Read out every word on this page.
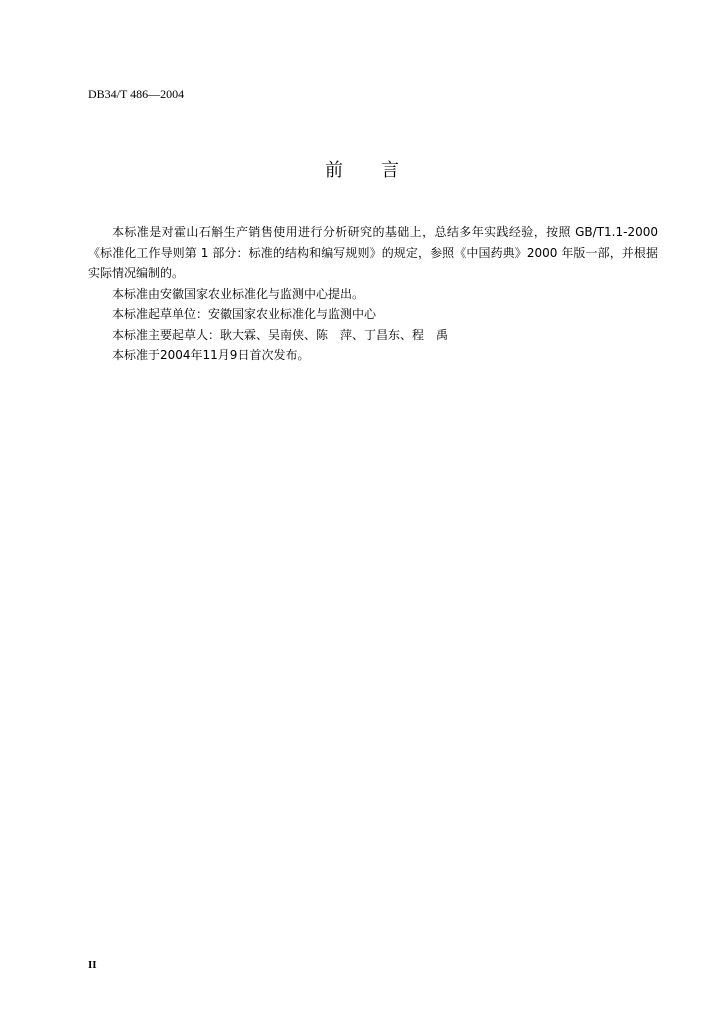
DB34/T 486—2004
前 言

本标准是对霍山石斛生产销售使用进行分析研究的基础上，总结多年实践经验，按照 GB/T1.1-2000《标准化工作导则第 1 部分：标准的结构和编写规则》的规定，参照《中国药典》2000 年版一部，并根据实际情况编制的。

本标准由安徽国家农业标准化与监测中心提出。

本标准起草单位：安徽国家农业标准化与监测中心

本标准主要起草人：耿大霖、吴南侠、陈　萍、丁昌东、程　禹

本标准于2004年11月9日首次发布。

II
